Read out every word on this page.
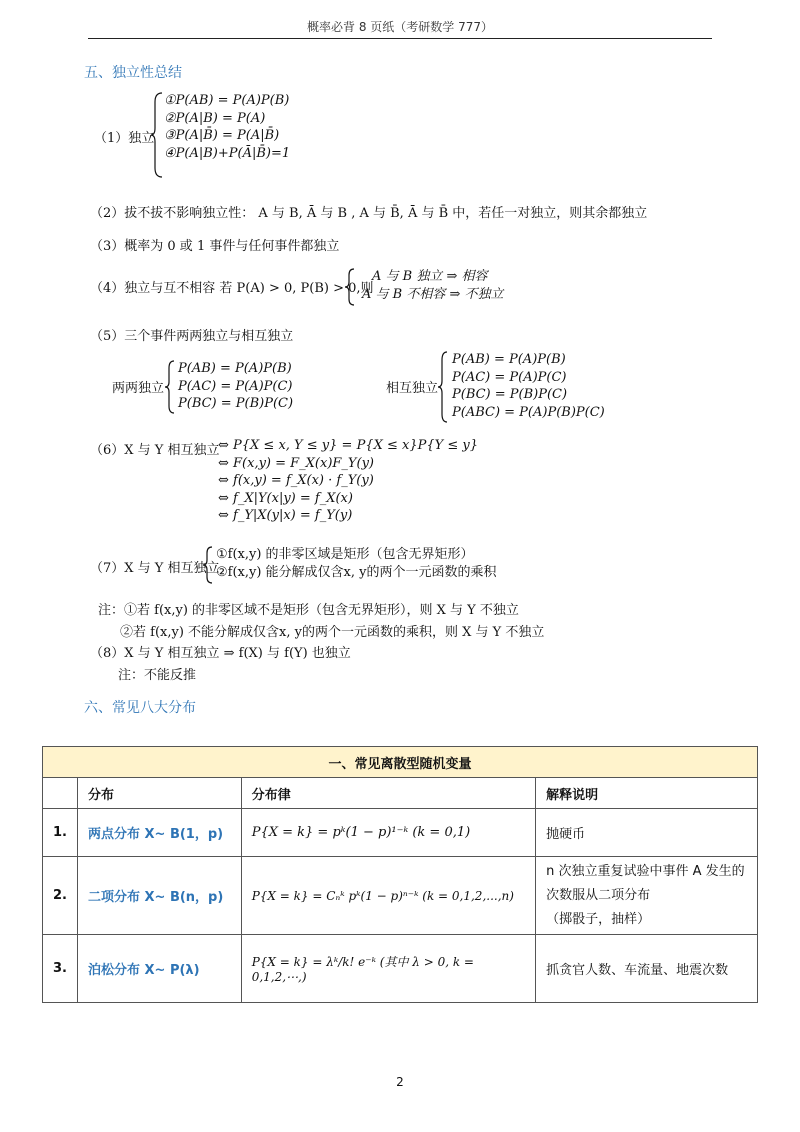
概率必背 8 页纸（考研数学 777）
五、独立性总结
（1）独立
①P(AB) = P(A)P(B)
②P(A|B) = P(A)
③P(A|B̄) = P(A|B̄)
④P(A|B)+P(Ā|B̄)=1
（2）拔不拔不影响独立性： A 与 B, Ā 与 B , A 与 B̄, Ā 与 B̄ 中，若任一对独立，则其余都独立
（3）概率为 0 或 1 事件与任何事件都独立
（4）独立与互不相容 若 P(A) > 0, P(B) > 0,则
A 与 B 独立 ⇒ 相容
A 与 B 不相容 ⇒ 不独立
（5）三个事件两两独立与相互独立
两两独立
P(AB) = P(A)P(B)
P(AC) = P(A)P(C)
P(BC) = P(B)P(C)
相互独立
P(AB) = P(A)P(B)
P(AC) = P(A)P(C)
P(BC) = P(B)P(C)
P(ABC) = P(A)P(B)P(C)
（6）X 与 Y 相互独立
⇔ P{X ≤ x, Y ≤ y} = P{X ≤ x}P{Y ≤ y}
⇔ F(x,y) = F_X(x)F_Y(y)
⇔ f(x,y) = f_X(x) · f_Y(y)
⇔ f_X|Y(x|y) = f_X(x)
⇔ f_Y|X(y|x) = f_Y(y)
（7）X 与 Y 相互独立
①f(x,y) 的非零区域是矩形（包含无界矩形）
②f(x,y) 能分解成仅含x, y的两个一元函数的乘积
注：①若 f(x,y) 的非零区域不是矩形（包含无界矩形），则 X 与 Y 不独立
②若 f(x,y) 不能分解成仅含x, y的两个一元函数的乘积，则 X 与 Y 不独立
（8）X 与 Y 相互独立 ⇒ f(X) 与 f(Y) 也独立
注：不能反推
六、常见八大分布
一、常见离散型随机变量			
	分布	分布律	解释说明
1.	两点分布 X~ B(1，p)	P{X = k} = pᵏ(1 − p)¹⁻ᵏ (k = 0,1)	抛硬币
2.	二项分布 X~ B(n，p)	P{X = k} = Cₙᵏ pᵏ(1 − p)ⁿ⁻ᵏ (k = 0,1,2,...,n)	n 次独立重复试验中事件 A 发生的次数服从二项分布
（掷骰子，抽样）

3.	泊松分布 X~ P(λ)	P{X = k} = λᵏ/k! e⁻ᵏ (其中 λ > 0, k = 0,1,2,⋯,)	抓贪官人数、车流量、地震次数
2
